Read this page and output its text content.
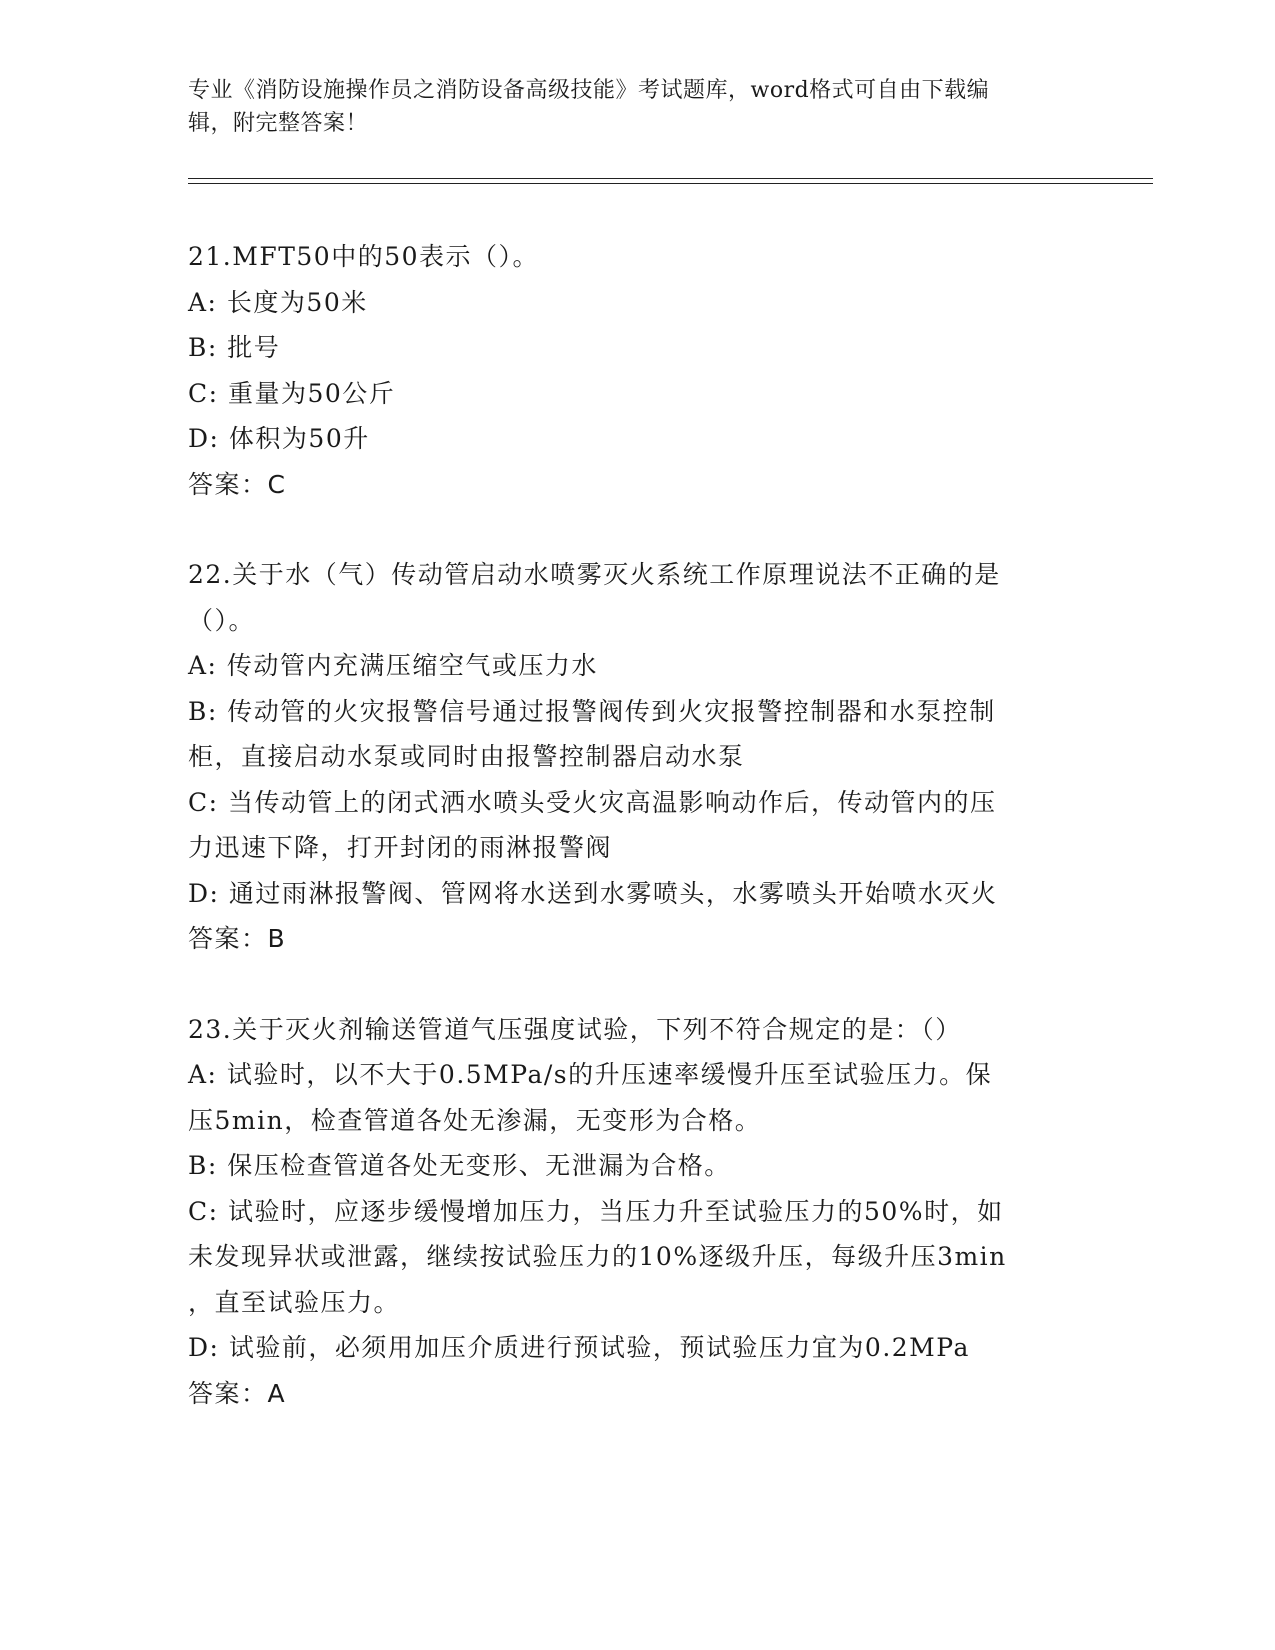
专业《消防设施操作员之消防设备高级技能》考试题库，word格式可自由下载编
辑，附完整答案！
21.MFT50中的50表示（）。
A: 长度为50米
B: 批号
C: 重量为50公斤
D: 体积为50升
答案：C
22.关于水（气）传动管启动水喷雾灭火系统工作原理说法不正确的是
（）。
A: 传动管内充满压缩空气或压力水
B: 传动管的火灾报警信号通过报警阀传到火灾报警控制器和水泵控制
柜，直接启动水泵或同时由报警控制器启动水泵
C: 当传动管上的闭式洒水喷头受火灾高温影响动作后，传动管内的压
力迅速下降，打开封闭的雨淋报警阀
D: 通过雨淋报警阀、管网将水送到水雾喷头，水雾喷头开始喷水灭火
答案：B
23.关于灭火剂输送管道气压强度试验，下列不符合规定的是：（）
A: 试验时，以不大于0.5MPa/s的升压速率缓慢升压至试验压力。保
压5min，检查管道各处无渗漏，无变形为合格。
B: 保压检查管道各处无变形、无泄漏为合格。
C: 试验时，应逐步缓慢增加压力，当压力升至试验压力的50%时，如
未发现异状或泄露，继续按试验压力的10%逐级升压，每级升压3min
，直至试验压力。
D: 试验前，必须用加压介质进行预试验，预试验压力宜为0.2MPa
答案：A
